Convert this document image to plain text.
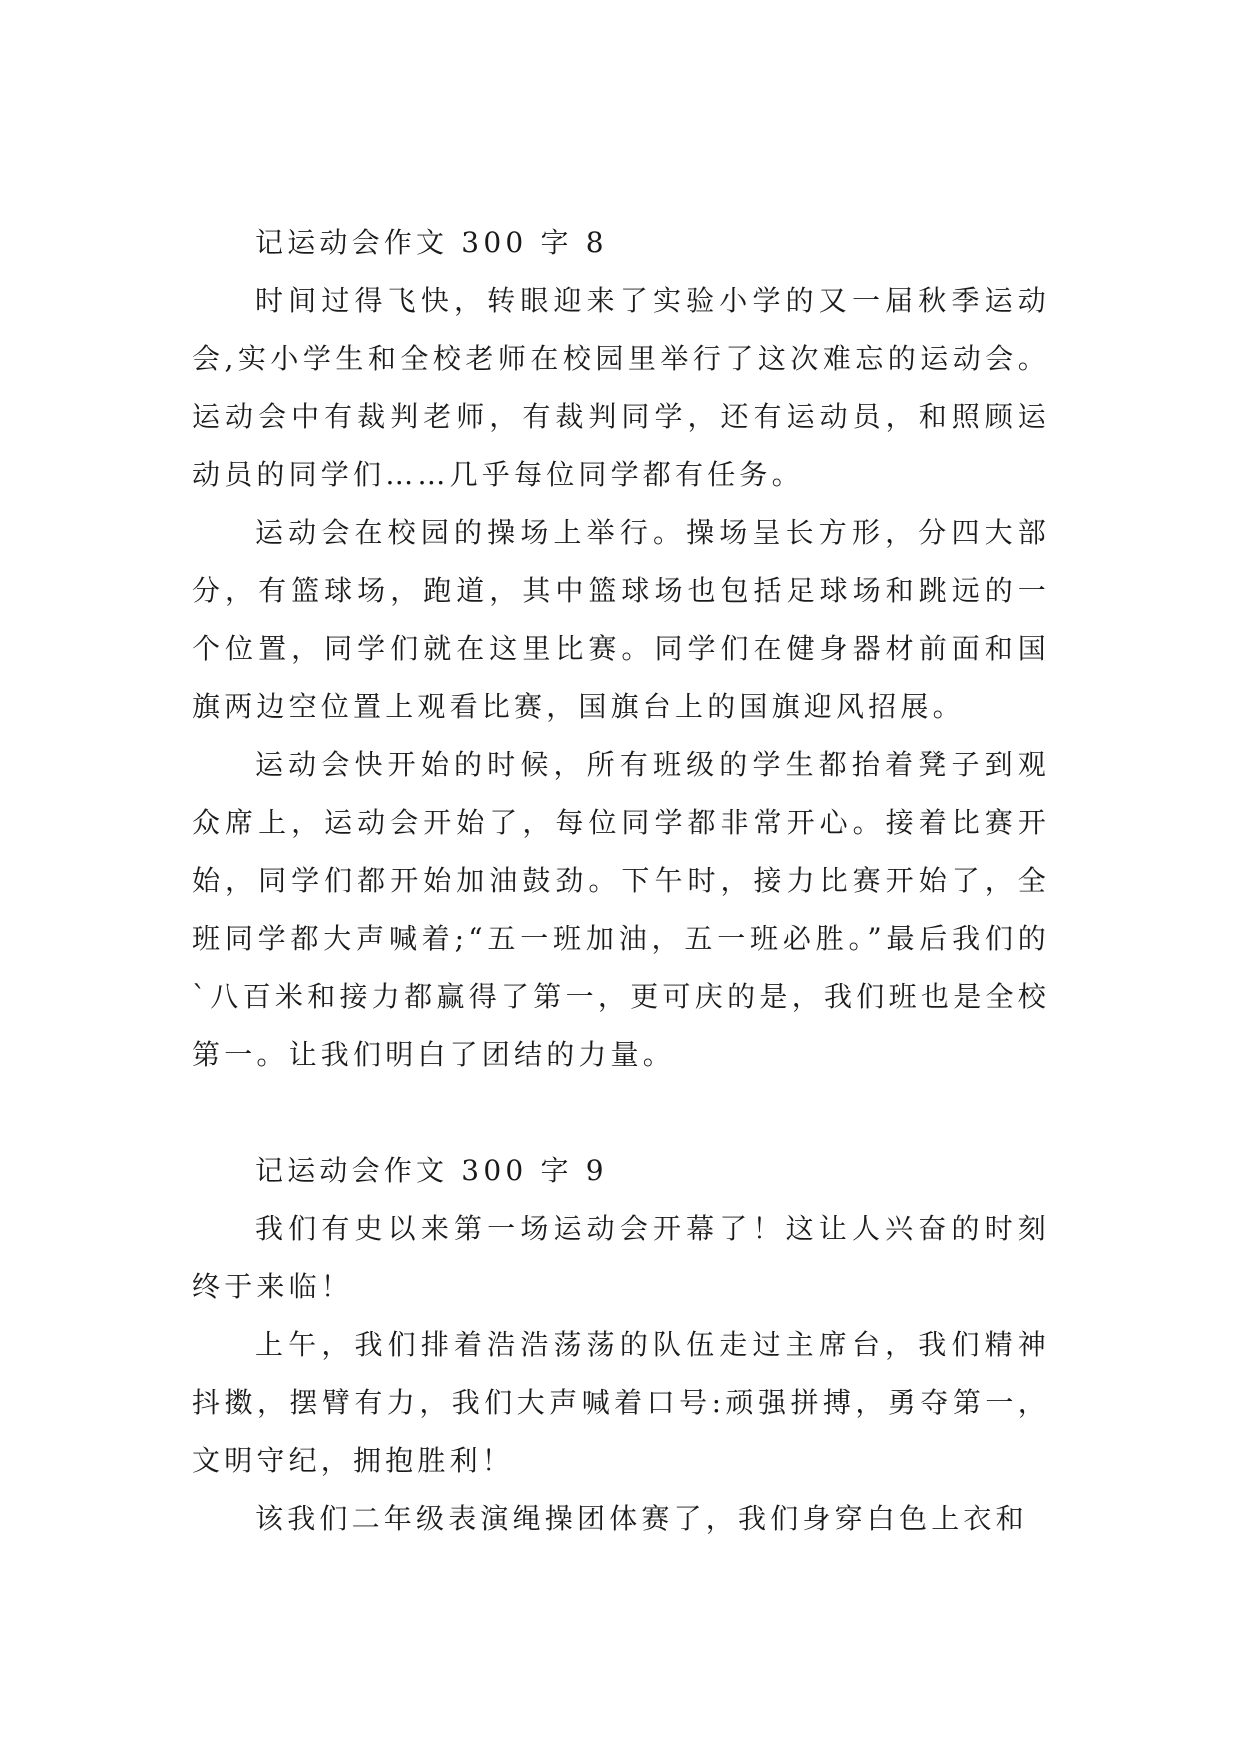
记运动会作文 300 字 8

时间过得飞快，转眼迎来了实验小学的又一届秋季运动会,实小学生和全校老师在校园里举行了这次难忘的运动会。运动会中有裁判老师，有裁判同学，还有运动员，和照顾运动员的同学们……几乎每位同学都有任务。

运动会在校园的操场上举行。操场呈长方形，分四大部分，有篮球场，跑道，其中篮球场也包括足球场和跳远的一个位置，同学们就在这里比赛。同学们在健身器材前面和国旗两边空位置上观看比赛，国旗台上的国旗迎风招展。

运动会快开始的时候，所有班级的学生都抬着凳子到观众席上，运动会开始了，每位同学都非常开心。接着比赛开始，同学们都开始加油鼓劲。下午时，接力比赛开始了，全班同学都大声喊着;“五一班加油，五一班必胜。”最后我们的`八百米和接力都赢得了第一，更可庆的是，我们班也是全校第一。让我们明白了团结的力量。

记运动会作文 300 字 9

我们有史以来第一场运动会开幕了！这让人兴奋的时刻终于来临！

上午，我们排着浩浩荡荡的队伍走过主席台，我们精神抖擞，摆臂有力，我们大声喊着口号:顽强拼搏，勇夺第一，文明守纪，拥抱胜利！

该我们二年级表演绳操团体赛了，我们身穿白色上衣和
